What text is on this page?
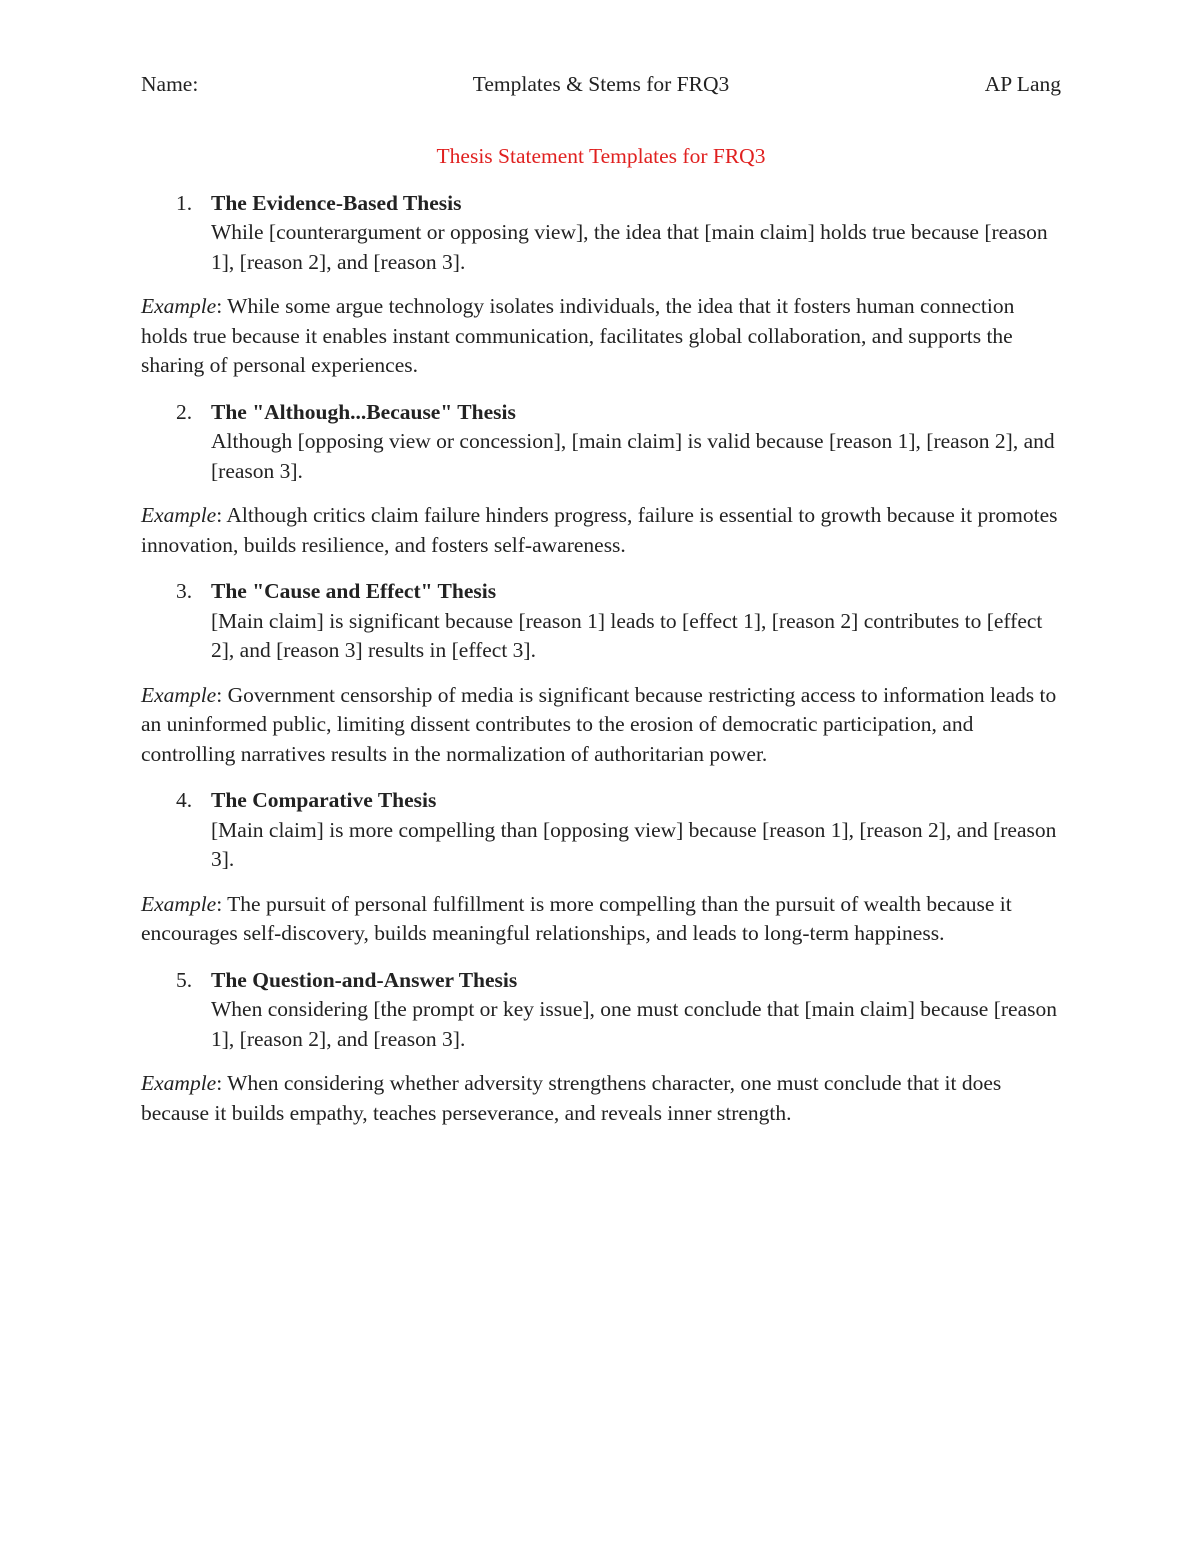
Name:	Templates & Stems for FRQ3	AP Lang
Thesis Statement Templates for FRQ3
1. The Evidence-Based Thesis
While [counterargument or opposing view], the idea that [main claim] holds true because [reason 1], [reason 2], and [reason 3].
Example: While some argue technology isolates individuals, the idea that it fosters human connection holds true because it enables instant communication, facilitates global collaboration, and supports the sharing of personal experiences.
2. The "Although...Because" Thesis
Although [opposing view or concession], [main claim] is valid because [reason 1], [reason 2], and [reason 3].
Example: Although critics claim failure hinders progress, failure is essential to growth because it promotes innovation, builds resilience, and fosters self-awareness.
3. The "Cause and Effect" Thesis
[Main claim] is significant because [reason 1] leads to [effect 1], [reason 2] contributes to [effect 2], and [reason 3] results in [effect 3].
Example: Government censorship of media is significant because restricting access to information leads to an uninformed public, limiting dissent contributes to the erosion of democratic participation, and controlling narratives results in the normalization of authoritarian power.
4. The Comparative Thesis
[Main claim] is more compelling than [opposing view] because [reason 1], [reason 2], and [reason 3].
Example: The pursuit of personal fulfillment is more compelling than the pursuit of wealth because it encourages self-discovery, builds meaningful relationships, and leads to long-term happiness.
5. The Question-and-Answer Thesis
When considering [the prompt or key issue], one must conclude that [main claim] because [reason 1], [reason 2], and [reason 3].
Example: When considering whether adversity strengthens character, one must conclude that it does because it builds empathy, teaches perseverance, and reveals inner strength.
